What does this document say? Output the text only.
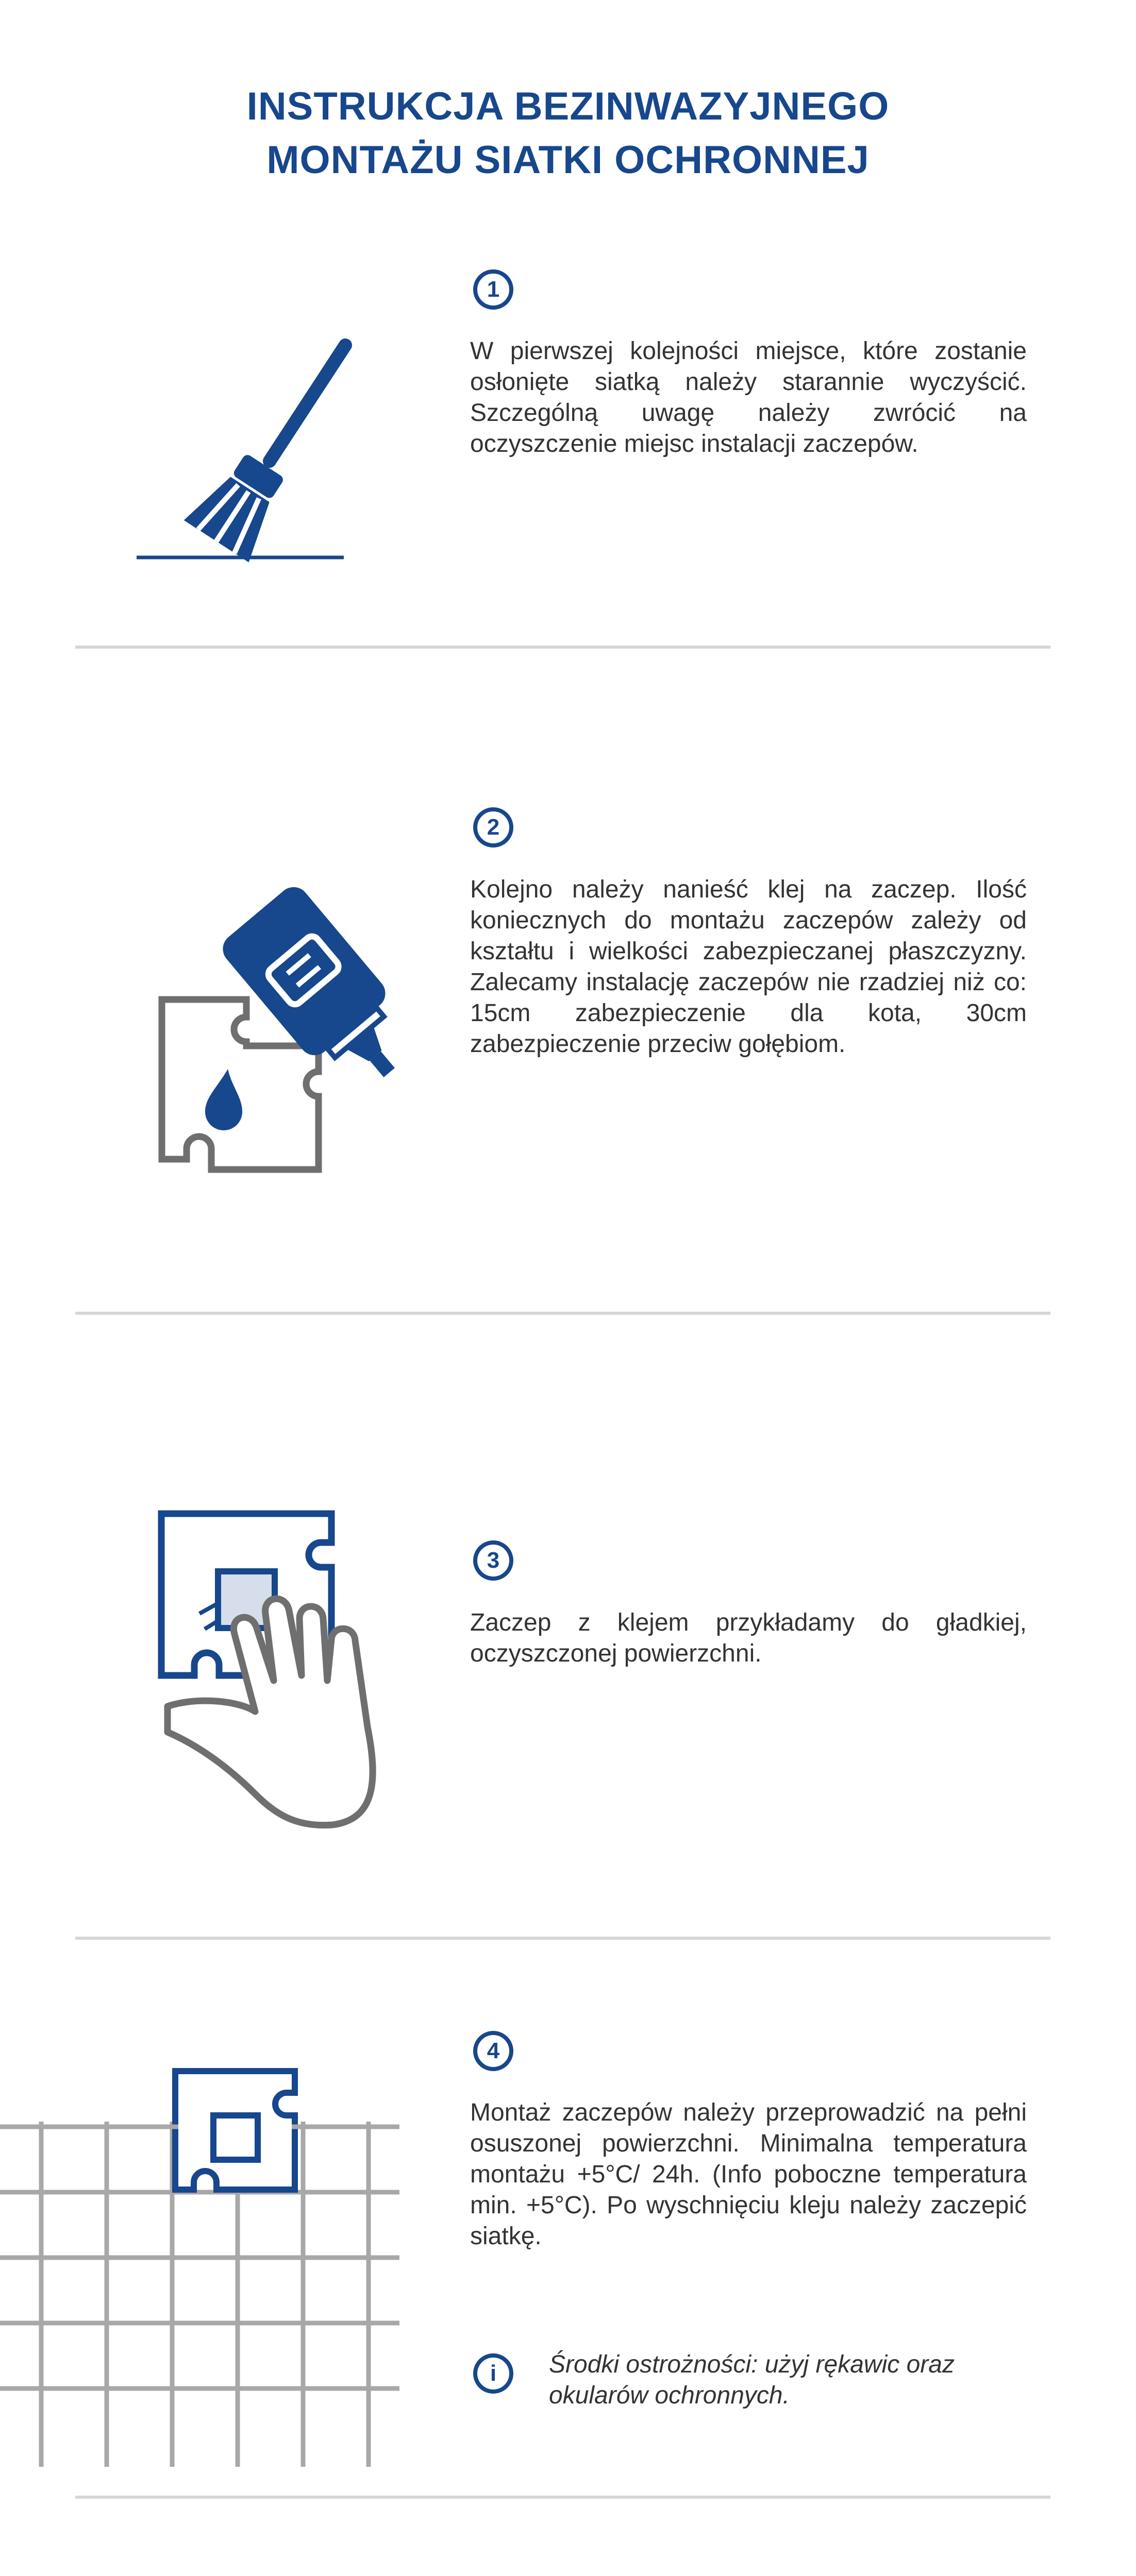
INSTRUKCJA BEZINWAZYJNEGO
MONTAŻU SIATKI OCHRONNEJ
1

W pierwszej kolejności miejsce, które zostanie osłonięte siatką należy starannie wyczyścić. Szczególną uwagę należy zwrócić na oczyszczenie miejsc instalacji zaczepów.

2

Kolejno należy nanieść klej na zaczep. Ilość koniecznych do montażu zaczepów zależy od kształtu i wielkości zabezpieczanej płaszczyzny. Zalecamy instalację zaczepów nie rzadziej niż co: 15cm zabezpieczenie dla kota, 30cm zabezpieczenie przeciw gołębiom.

3

Zaczep z klejem przykładamy do gładkiej, oczyszczonej powierzchni.

4

Montaż zaczepów należy przeprowadzić na pełni osuszonej powierzchni. Minimalna temperatura montażu +5°C/ 24h. (Info poboczne temperatura min. +5°C). Po wyschnięciu kleju należy zaczepić siatkę.

i	Środki ostrożności: użyj rękawic oraz okularów ochronnych.
